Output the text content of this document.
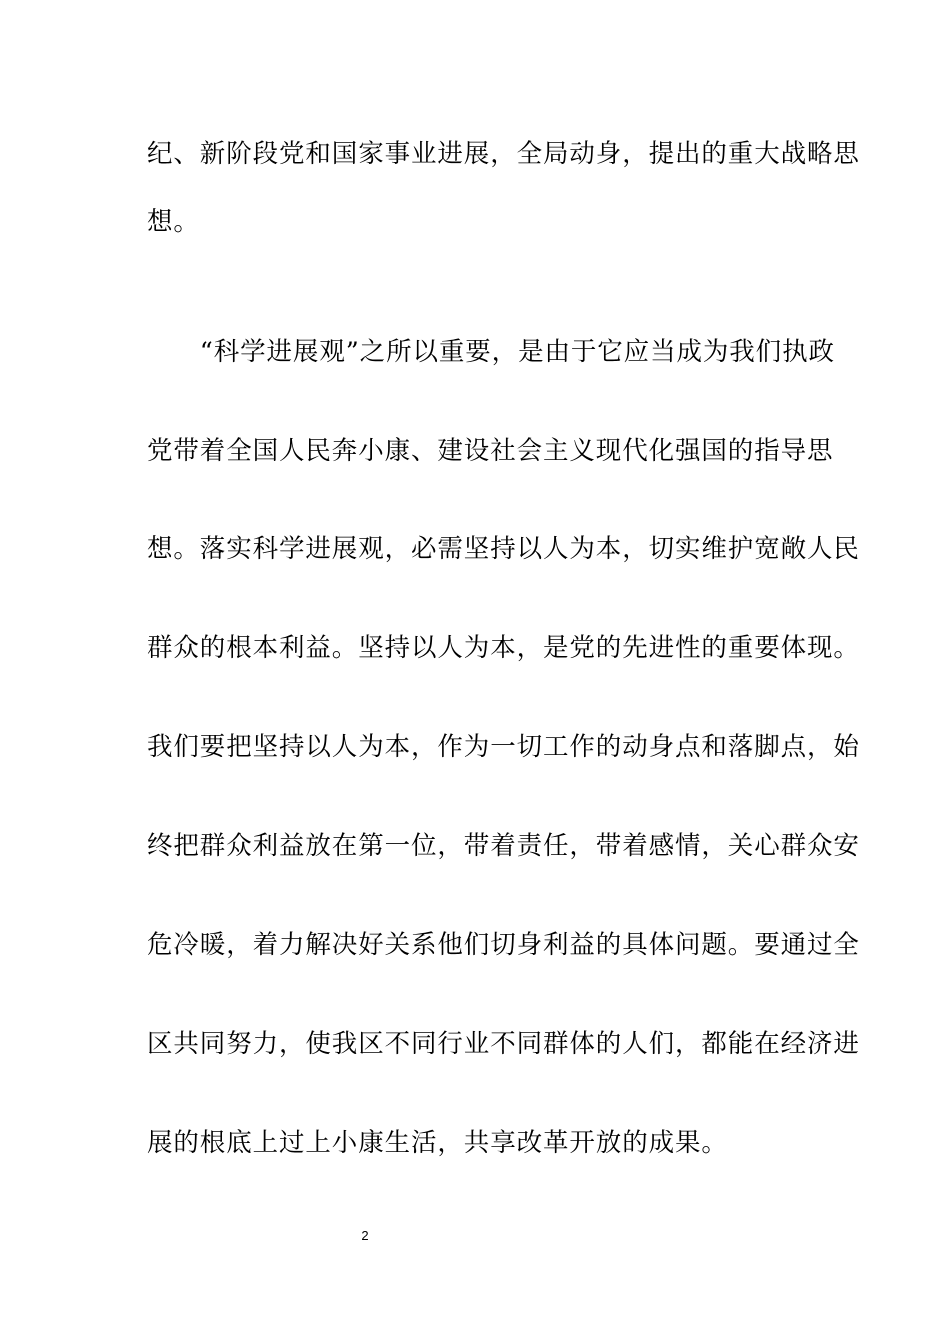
纪、新阶段党和国家事业进展，全局动身，提出的重大战略思
想。
　　“科学进展观”之所以重要，是由于它应当成为我们执政
党带着全国人民奔小康、建设社会主义现代化强国的指导思
想。落实科学进展观，必需坚持以人为本，切实维护宽敞人民
群众的根本利益。坚持以人为本，是党的先进性的重要体现。
我们要把坚持以人为本，作为一切工作的动身点和落脚点，始
终把群众利益放在第一位，带着责任，带着感情，关心群众安
危冷暖，着力解决好关系他们切身利益的具体问题。要通过全
区共同努力，使我区不同行业不同群体的人们，都能在经济进
展的根底上过上小康生活，共享改革开放的成果。
2
